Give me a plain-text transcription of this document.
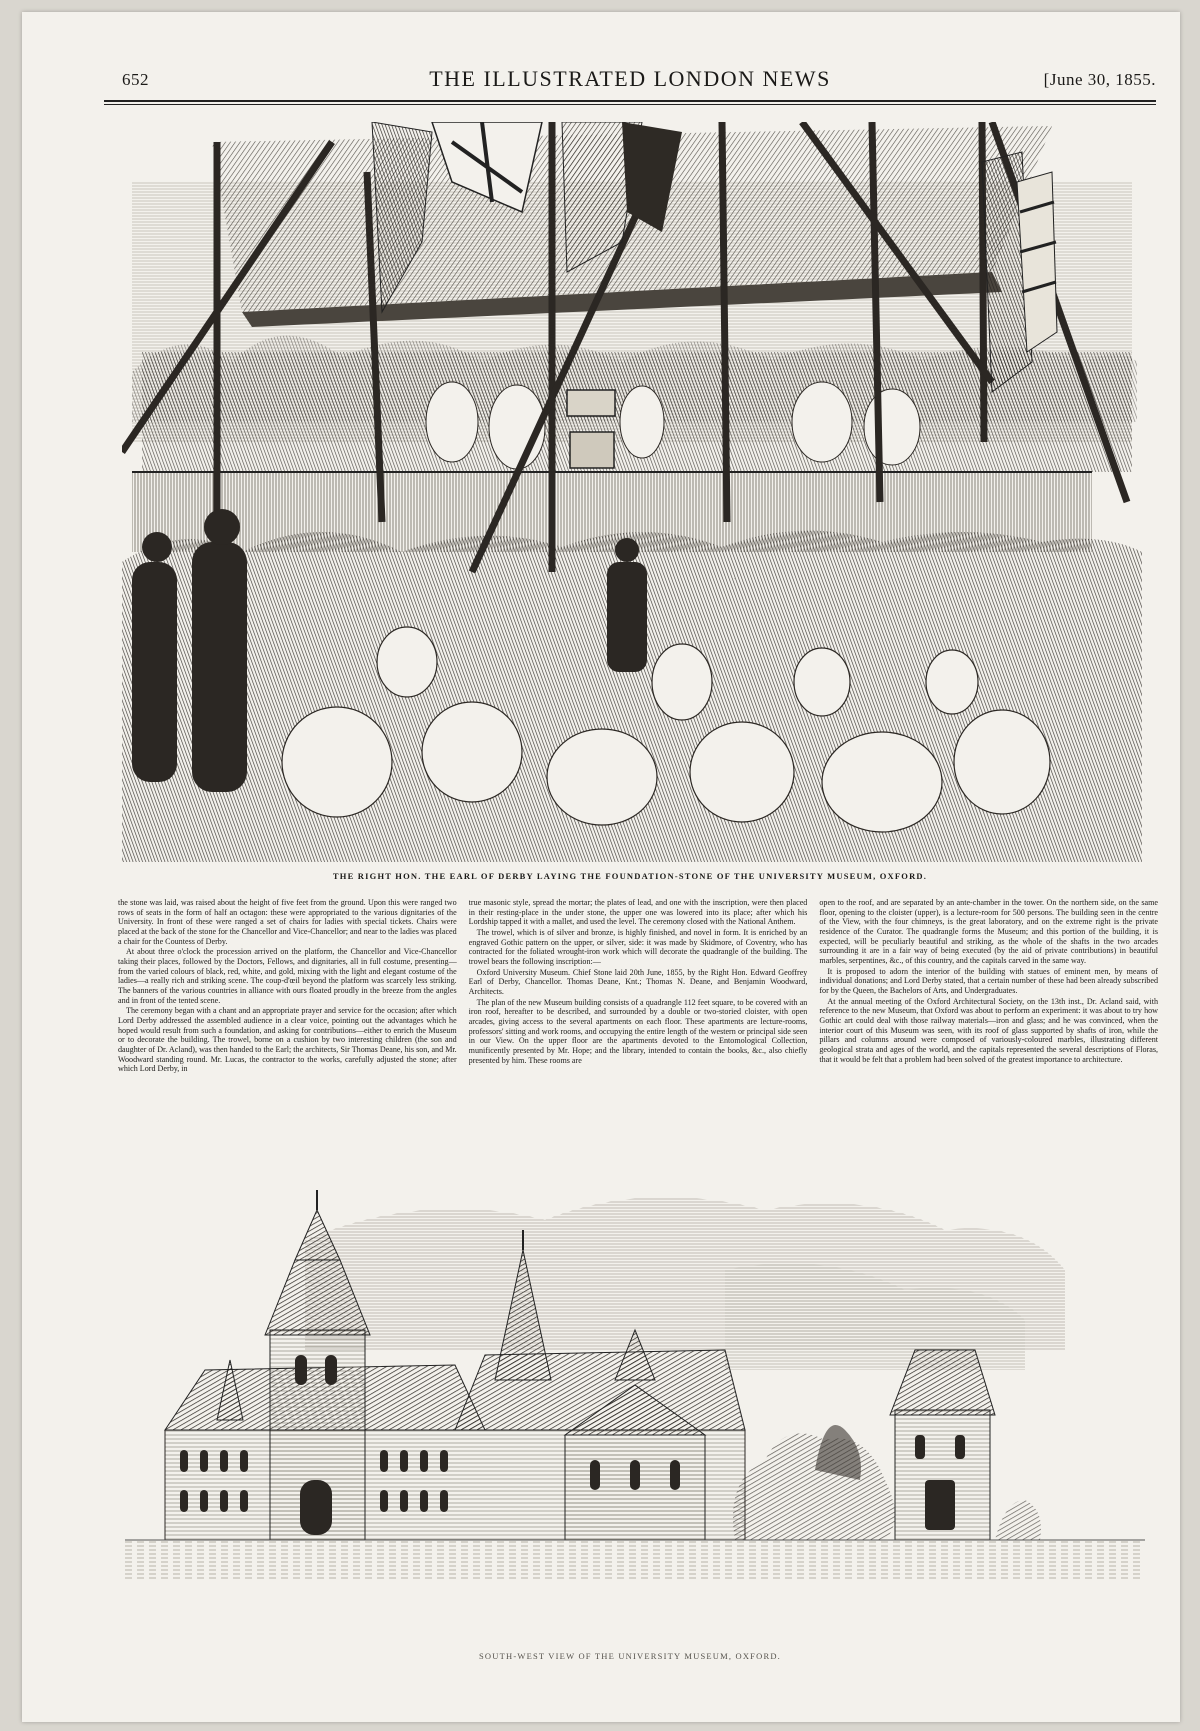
652	THE ILLUSTRATED LONDON NEWS	[June 30, 1855.
THE RIGHT HON. THE EARL OF DERBY LAYING THE FOUNDATION-STONE OF THE UNIVERSITY MUSEUM, OXFORD.

the stone was laid, was raised about the height of five feet from the ground. Upon this were ranged two rows of seats in the form of half an octagon: these were appropriated to the various dignitaries of the University. In front of these were ranged a set of chairs for ladies with special tickets. Chairs were placed at the back of the stone for the Chancellor and Vice-Chancellor; and near to the ladies was placed a chair for the Countess of Derby.

At about three o'clock the procession arrived on the platform, the Chancellor and Vice-Chancellor taking their places, followed by the Doctors, Fellows, and dignitaries, all in full costume, presenting—from the varied colours of black, red, white, and gold, mixing with the light and elegant costume of the ladies—a really rich and striking scene. The coup-d'œil beyond the platform was scarcely less striking. The banners of the various countries in alliance with ours floated proudly in the breeze from the angles and in front of the tented scene.

The ceremony began with a chant and an appropriate prayer and service for the occasion; after which Lord Derby addressed the assembled audience in a clear voice, pointing out the advantages which he hoped would result from such a foundation, and asking for contributions—either to enrich the Museum or to decorate the building. The trowel, borne on a cushion by two interesting children (the son and daughter of Dr. Acland), was then handed to the Earl; the architects, Sir Thomas Deane, his son, and Mr. Woodward standing round. Mr. Lucas, the contractor to the works, carefully adjusted the stone; after which Lord Derby, in

true masonic style, spread the mortar; the plates of lead, and one with the inscription, were then placed in their resting-place in the under stone, the upper one was lowered into its place; after which his Lordship tapped it with a mallet, and used the level. The ceremony closed with the National Anthem.

The trowel, which is of silver and bronze, is highly finished, and novel in form. It is enriched by an engraved Gothic pattern on the upper, or silver, side: it was made by Skidmore, of Coventry, who has contracted for the foliated wrought-iron work which will decorate the quadrangle of the building. The trowel bears the following inscription:—

Oxford University Museum. Chief Stone laid 20th June, 1855, by the Right Hon. Edward Geoffrey Earl of Derby, Chancellor. Thomas Deane, Knt.; Thomas N. Deane, and Benjamin Woodward, Architects.

The plan of the new Museum building consists of a quadrangle 112 feet square, to be covered with an iron roof, hereafter to be described, and surrounded by a double or two-storied cloister, with open arcades, giving access to the several apartments on each floor. These apartments are lecture-rooms, professors' sitting and work rooms, and occupying the entire length of the western or principal side seen in our View. On the upper floor are the apartments devoted to the Entomological Collection, munificently presented by Mr. Hope; and the library, intended to contain the books, &c., also chiefly presented by him. These rooms are

open to the roof, and are separated by an ante-chamber in the tower. On the northern side, on the same floor, opening to the cloister (upper), is a lecture-room for 500 persons. The building seen in the centre of the View, with the four chimneys, is the great laboratory, and on the extreme right is the private residence of the Curator. The quadrangle forms the Museum; and this portion of the building, it is expected, will be peculiarly beautiful and striking, as the whole of the shafts in the two arcades surrounding it are in a fair way of being executed (by the aid of private contributions) in beautiful marbles, serpentines, &c., of this country, and the capitals carved in the same way.

It is proposed to adorn the interior of the building with statues of eminent men, by means of individual donations; and Lord Derby stated, that a certain number of these had been already subscribed for by the Queen, the Bachelors of Arts, and Undergraduates.

At the annual meeting of the Oxford Architectural Society, on the 13th inst., Dr. Acland said, with reference to the new Museum, that Oxford was about to perform an experiment: it was about to try how Gothic art could deal with those railway materials—iron and glass; and he was convinced, when the interior court of this Museum was seen, with its roof of glass supported by shafts of iron, while the pillars and columns around were composed of variously-coloured marbles, illustrating different geological strata and ages of the world, and the capitals represented the several descriptions of Floras, that it would be felt that a problem had been solved of the greatest importance to architecture.

SOUTH-WEST VIEW OF THE UNIVERSITY MUSEUM, OXFORD.
